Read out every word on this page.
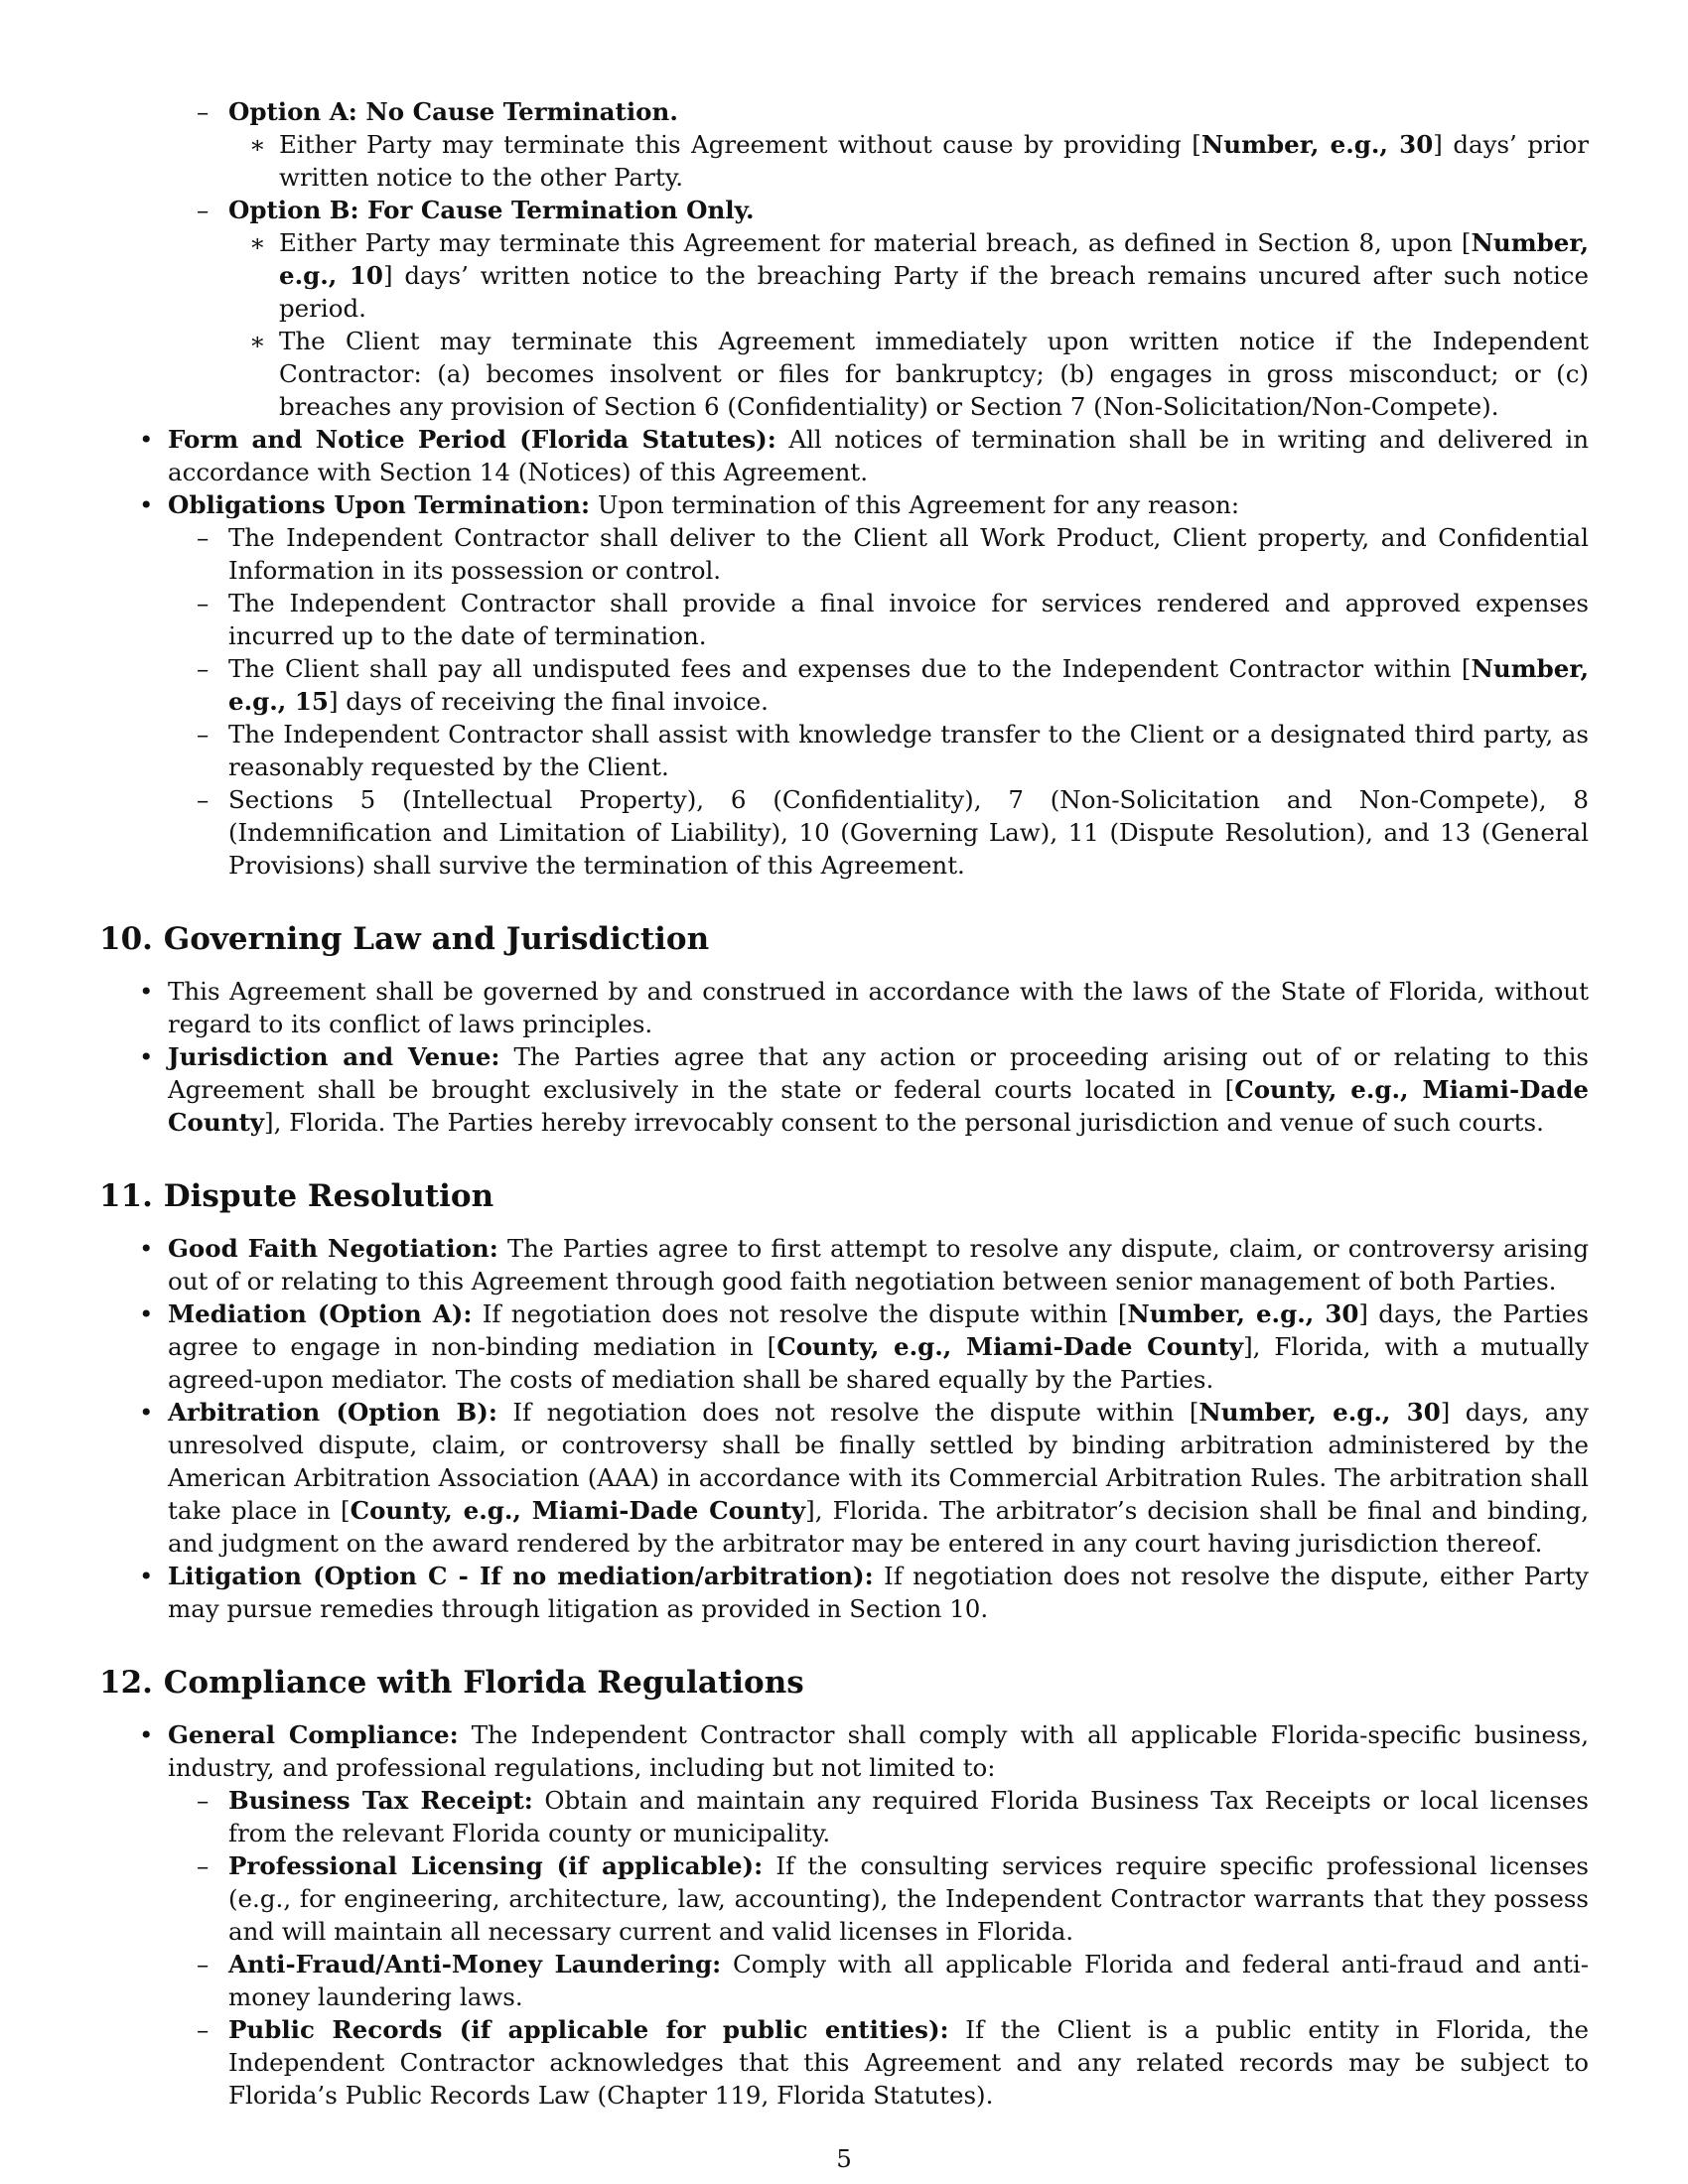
– Option A: No Cause Termination.

∗ Either Party may terminate this Agreement without cause by providing [Number, e.g., 30] days’ prior written notice to the other Party.

– Option B: For Cause Termination Only.

∗ Either Party may terminate this Agreement for material breach, as defined in Section 8, upon [Number, e.g., 10] days’ written notice to the breaching Party if the breach remains uncured after such notice period.

∗ The Client may terminate this Agreement immediately upon written notice if the Independent Contractor: (a) becomes insolvent or files for bankruptcy; (b) engages in gross misconduct; or (c) breaches any provision of Section 6 (Confidentiality) or Section 7 (Non-Solicitation/Non-Compete).

• Form and Notice Period (Florida Statutes): All notices of termination shall be in writing and delivered in accordance with Section 14 (Notices) of this Agreement.

• Obligations Upon Termination: Upon termination of this Agreement for any reason:

– The Independent Contractor shall deliver to the Client all Work Product, Client property, and Confidential Information in its possession or control.

– The Independent Contractor shall provide a final invoice for services rendered and approved expenses incurred up to the date of termination.

– The Client shall pay all undisputed fees and expenses due to the Independent Contractor within [Number, e.g., 15] days of receiving the final invoice.

– The Independent Contractor shall assist with knowledge transfer to the Client or a designated third party, as reasonably requested by the Client.

– Sections 5 (Intellectual Property), 6 (Confidentiality), 7 (Non-Solicitation and Non-Compete), 8 (Indemnification and Limitation of Liability), 10 (Governing Law), 11 (Dispute Resolution), and 13 (General Provisions) shall survive the termination of this Agreement.

10. Governing Law and Jurisdiction

• This Agreement shall be governed by and construed in accordance with the laws of the State of Florida, without regard to its conflict of laws principles.

• Jurisdiction and Venue: The Parties agree that any action or proceeding arising out of or relating to this Agreement shall be brought exclusively in the state or federal courts located in [County, e.g., Miami-Dade County], Florida. The Parties hereby irrevocably consent to the personal jurisdiction and venue of such courts.

11. Dispute Resolution

• Good Faith Negotiation: The Parties agree to first attempt to resolve any dispute, claim, or controversy arising out of or relating to this Agreement through good faith negotiation between senior management of both Parties.

• Mediation (Option A): If negotiation does not resolve the dispute within [Number, e.g., 30] days, the Parties agree to engage in non-binding mediation in [County, e.g., Miami-Dade County], Florida, with a mutually agreed-upon mediator. The costs of mediation shall be shared equally by the Parties.

• Arbitration (Option B): If negotiation does not resolve the dispute within [Number, e.g., 30] days, any unresolved dispute, claim, or controversy shall be finally settled by binding arbitration administered by the American Arbitration Association (AAA) in accordance with its Commercial Arbitration Rules. The arbitration shall take place in [County, e.g., Miami-Dade County], Florida. The arbitrator’s decision shall be final and binding, and judgment on the award rendered by the arbitrator may be entered in any court having jurisdiction thereof.

• Litigation (Option C - If no mediation/arbitration): If negotiation does not resolve the dispute, either Party may pursue remedies through litigation as provided in Section 10.

12. Compliance with Florida Regulations

• General Compliance: The Independent Contractor shall comply with all applicable Florida-specific business, industry, and professional regulations, including but not limited to:

– Business Tax Receipt: Obtain and maintain any required Florida Business Tax Receipts or local licenses from the relevant Florida county or municipality.

– Professional Licensing (if applicable): If the consulting services require specific professional licenses (e.g., for engineering, architecture, law, accounting), the Independent Contractor warrants that they possess and will maintain all necessary current and valid licenses in Florida.

– Anti-Fraud/Anti-Money Laundering: Comply with all applicable Florida and federal anti-fraud and anti-money laundering laws.

– Public Records (if applicable for public entities): If the Client is a public entity in Florida, the Independent Contractor acknowledges that this Agreement and any related records may be subject to Florida’s Public Records Law (Chapter 119, Florida Statutes).

5
